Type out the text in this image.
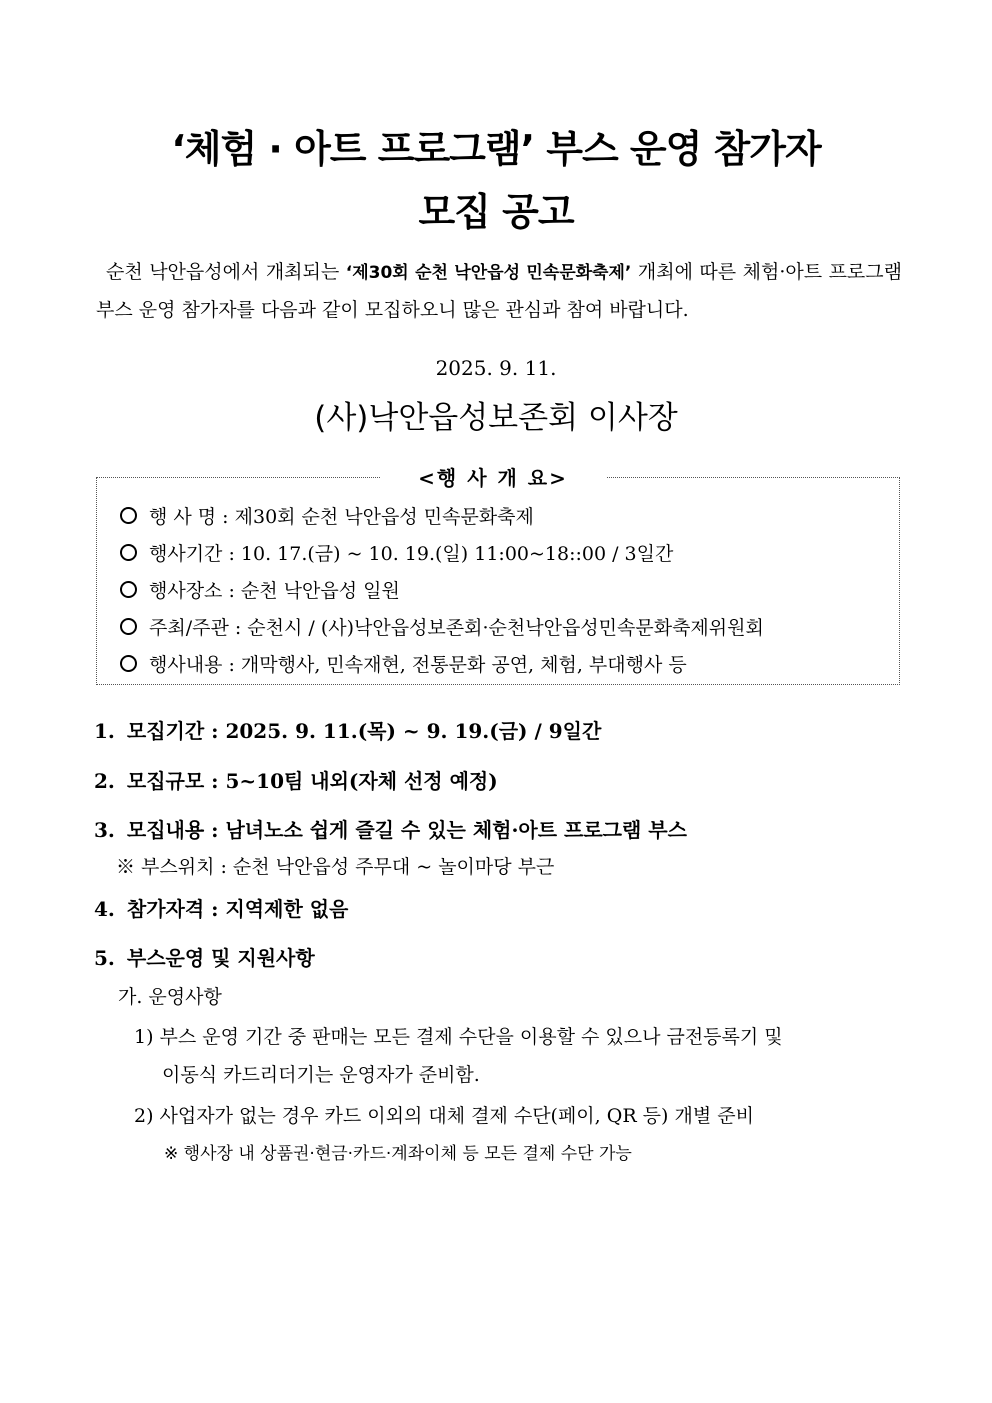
‘체험 · 아트 프로그램’ 부스 운영 참가자
모집 공고
순천 낙안읍성에서 개최되는 ‘제30회 순천 낙안읍성 민속문화축제’ 개최에 따른 체험·아트 프로그램 부스 운영 참가자를 다음과 같이 모집하오니 많은 관심과 참여 바랍니다.
2025. 9. 11.
(사)낙안읍성보존회 이사장
<행 사 개 요>
행 사 명 : 제30회 순천 낙안읍성 민속문화축제
행사기간 : 10. 17.(금) ~ 10. 19.(일) 11:00~18::00 / 3일간
행사장소 : 순천 낙안읍성 일원
주최/주관 : 순천시 / (사)낙안읍성보존회·순천낙안읍성민속문화축제위원회
행사내용 : 개막행사, 민속재현, 전통문화 공연, 체험, 부대행사 등
1. 모집기간 : 2025. 9. 11.(목) ~ 9. 19.(금) / 9일간
2. 모집규모 : 5~10팀 내외(자체 선정 예정)
3. 모집내용 : 남녀노소 쉽게 즐길 수 있는 체험·아트 프로그램 부스
※ 부스위치 : 순천 낙안읍성 주무대 ~ 놀이마당 부근
4. 참가자격 : 지역제한 없음
5. 부스운영 및 지원사항
가. 운영사항
1) 부스 운영 기간 중 판매는 모든 결제 수단을 이용할 수 있으나 금전등록기 및
이동식 카드리더기는 운영자가 준비함.
2) 사업자가 없는 경우 카드 이외의 대체 결제 수단(페이, QR 등) 개별 준비
※ 행사장 내 상품권·현금·카드·계좌이체 등 모든 결제 수단 가능
